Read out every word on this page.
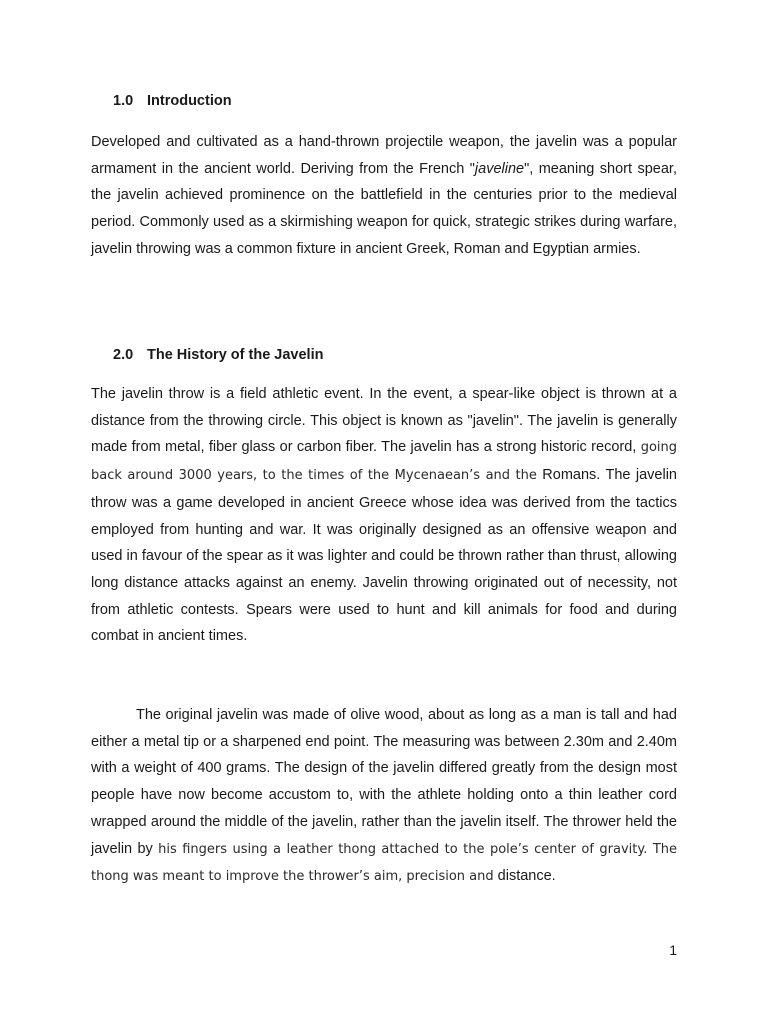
1.0 Introduction

Developed and cultivated as a hand-thrown projectile weapon, the javelin was a popular armament in the ancient world. Deriving from the French "javeline", meaning short spear, the javelin achieved prominence on the battlefield in the centuries prior to the medieval period. Commonly used as a skirmishing weapon for quick, strategic strikes during warfare, javelin throwing was a common fixture in ancient Greek, Roman and Egyptian armies.

2.0 The History of the Javelin

The javelin throw is a field athletic event. In the event, a spear-like object is thrown at a distance from the throwing circle. This object is known as "javelin". The javelin is generally made from metal, fiber glass or carbon fiber. The javelin has a strong historic record, going back around 3000 years, to the times of the Mycenaean’s and the Romans. The javelin throw was a game developed in ancient Greece whose idea was derived from the tactics employed from hunting and war. It was originally designed as an offensive weapon and used in favour of the spear as it was lighter and could be thrown rather than thrust, allowing long distance attacks against an enemy. Javelin throwing originated out of necessity, not from athletic contests. Spears were used to hunt and kill animals for food and during combat in ancient times.

The original javelin was made of olive wood, about as long as a man is tall and had either a metal tip or a sharpened end point. The measuring was between 2.30m and 2.40m with a weight of 400 grams. The design of the javelin differed greatly from the design most people have now become accustom to, with the athlete holding onto a thin leather cord wrapped around the middle of the javelin, rather than the javelin itself. The thrower held the javelin by his fingers using a leather thong attached to the pole’s center of gravity. The thong was meant to improve the thrower’s aim, precision and distance.

1
